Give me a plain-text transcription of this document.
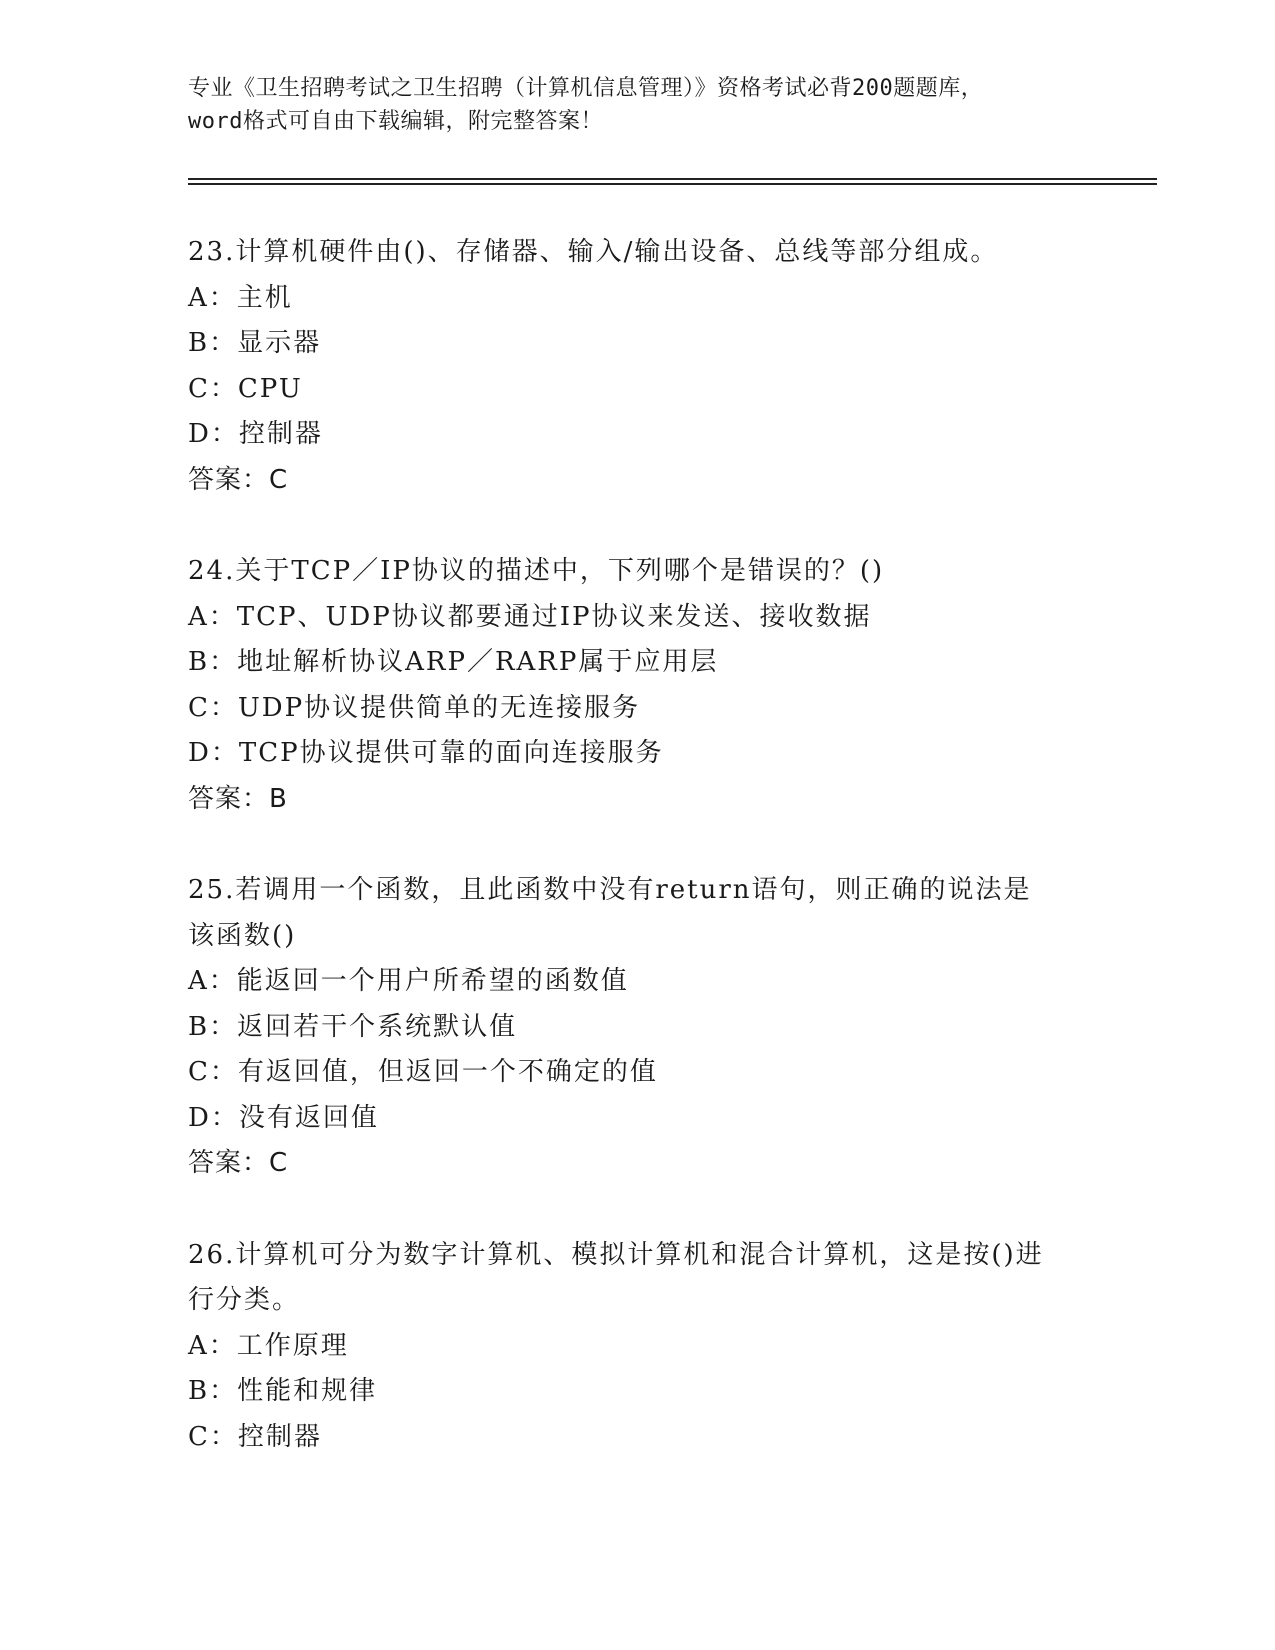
专业《卫生招聘考试之卫生招聘（计算机信息管理）》资格考试必背200题题库，
word格式可自由下载编辑，附完整答案！
23.计算机硬件由()、存储器、输入/输出设备、总线等部分组成。
A：主机
B：显示器
C：CPU
D：控制器
答案：C
24.关于TCP／IP协议的描述中，下列哪个是错误的？()
A：TCP、UDP协议都要通过IP协议来发送、接收数据
B：地址解析协议ARP／RARP属于应用层
C：UDP协议提供简单的无连接服务
D：TCP协议提供可靠的面向连接服务
答案：B
25.若调用一个函数，且此函数中没有return语句，则正确的说法是
该函数()
A：能返回一个用户所希望的函数值
B：返回若干个系统默认值
C：有返回值，但返回一个不确定的值
D：没有返回值
答案：C
26.计算机可分为数字计算机、模拟计算机和混合计算机，这是按()进
行分类。
A：工作原理
B：性能和规律
C：控制器
